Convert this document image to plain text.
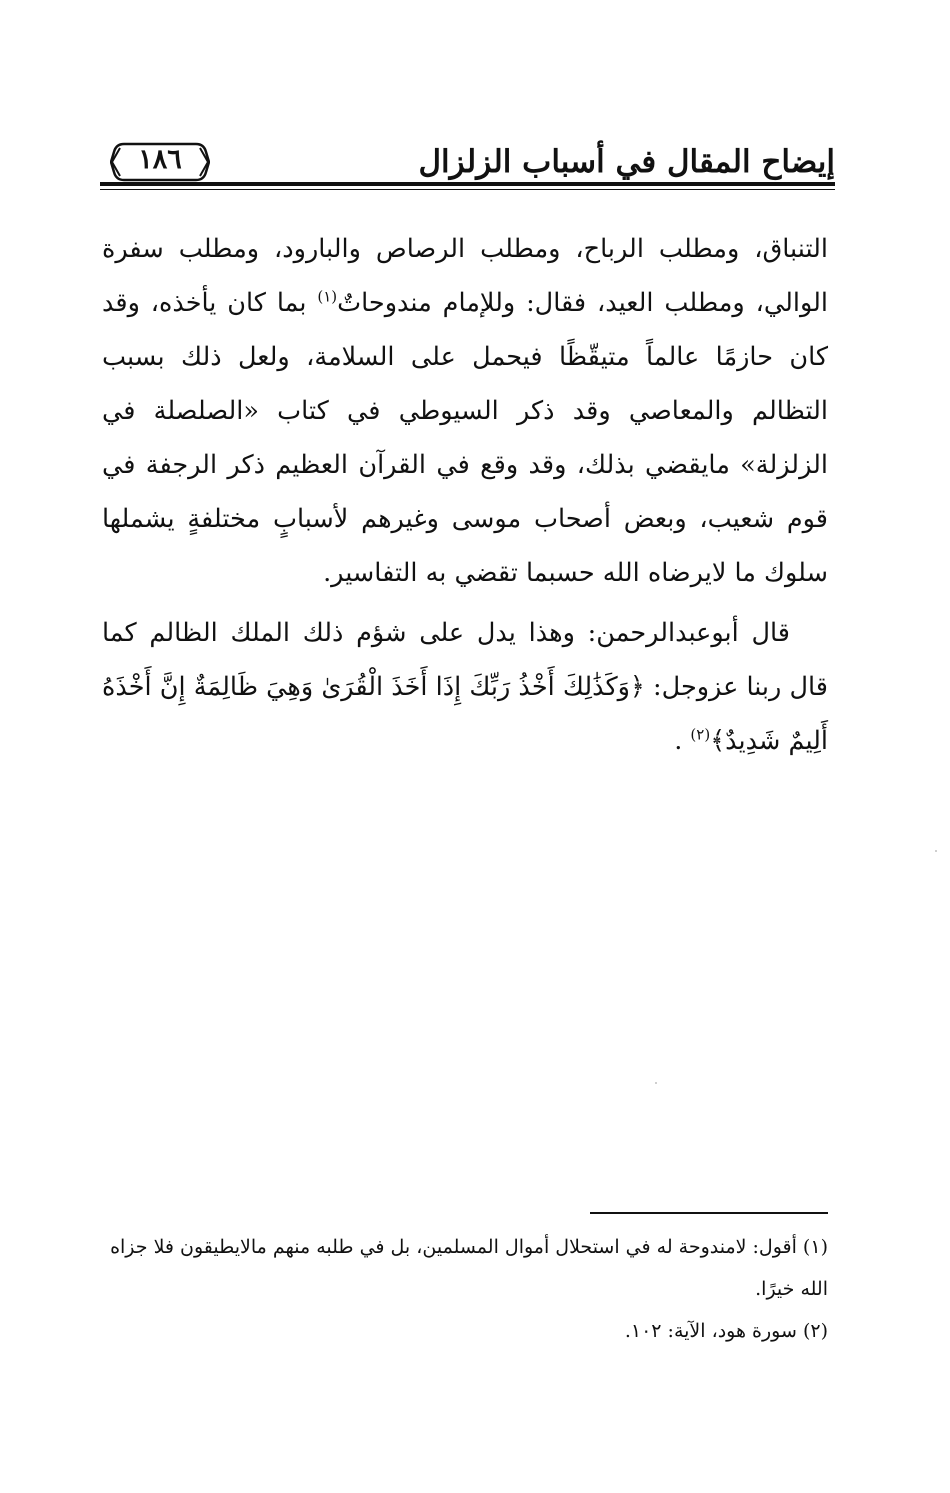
١٨٦	إيضاح المقال في أسباب الزلزال

التنباق، ومطلب الرباح، ومطلب الرصاص والبارود، ومطلب سفرة الوالي، ومطلب العيد، فقال: وللإمام مندوحاتٌ$^{(١)}$ بما كان يأخذه، وقد كان حازمًا عالماً متيقّظًا فيحمل على السلامة، ولعل ذلك بسبب التظالم والمعاصي وقد ذكر السيوطي في كتاب «الصلصلة في الزلزلة» مايقضي بذلك، وقد وقع في القرآن العظيم ذكر الرجفة في قوم شعيب، وبعض أصحاب موسى وغيرهم لأسبابٍ مختلفةٍ يشملها سلوك ما لايرضاه الله حسبما تقضي به التفاسير.

قال أبوعبدالرحمن: وهذا يدل على شؤم ذلك الملك الظالم كما قال ربنا عزوجل: ﴿وَكَذَٰلِكَ أَخْذُ رَبِّكَ إِذَا أَخَذَ الْقُرَىٰ وَهِيَ ظَالِمَةٌ إِنَّ أَخْذَهُ أَلِيمٌ شَدِيدٌ﴾$^{(٢)}$ .

(١) أقول: لامندوحة له في استحلال أموال المسلمين، بل في طلبه منهم مالايطيقون فلا جزاه الله خيرًا.

(٢) سورة هود، الآية: ١٠٢.
